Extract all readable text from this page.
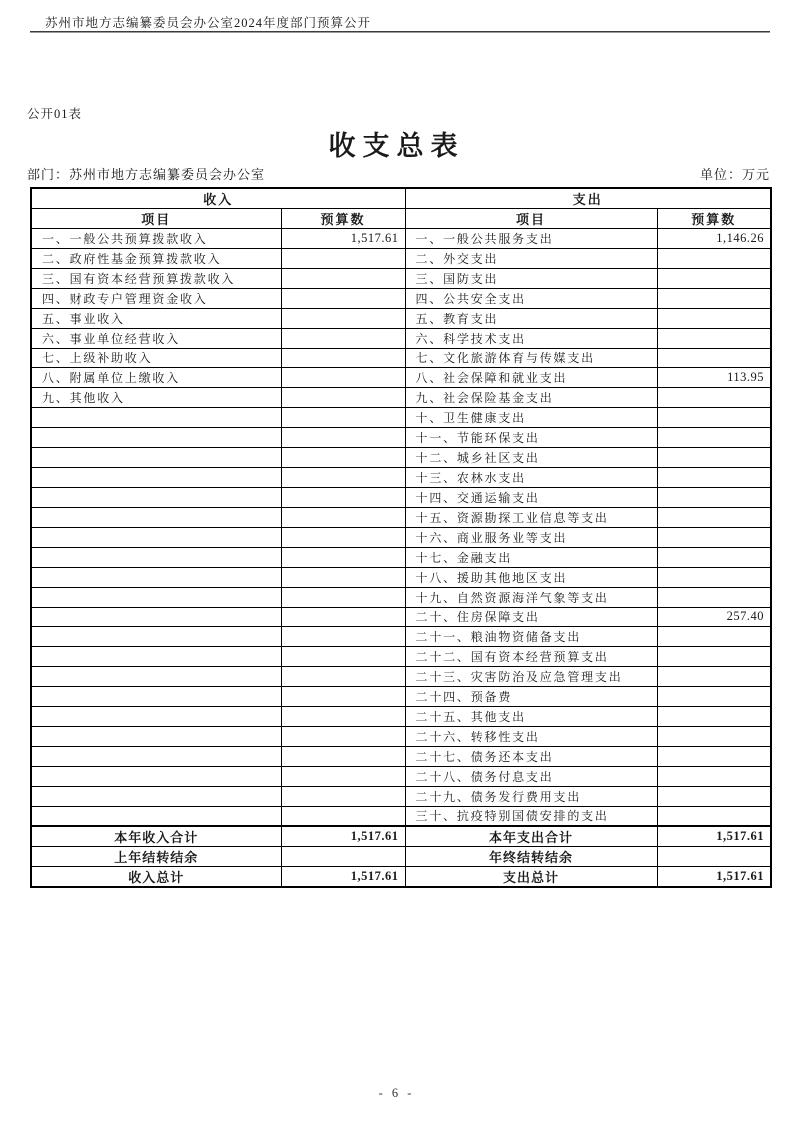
苏州市地方志编纂委员会办公室2024年度部门预算公开
公开01表
收支总表
部门：苏州市地方志编纂委员会办公室	单位：万元
收入		支出	
项目	预算数	项目	预算数
一、一般公共预算拨款收入	1,517.61	一、一般公共服务支出	1,146.26
二、政府性基金预算拨款收入		二、外交支出	
三、国有资本经营预算拨款收入		三、国防支出	
四、财政专户管理资金收入		四、公共安全支出	
五、事业收入		五、教育支出	
六、事业单位经营收入		六、科学技术支出	
七、上级补助收入		七、文化旅游体育与传媒支出	
八、附属单位上缴收入		八、社会保障和就业支出	113.95
九、其他收入		九、社会保险基金支出	
		十、卫生健康支出	
		十一、节能环保支出	
		十二、城乡社区支出	
		十三、农林水支出	
		十四、交通运输支出	
		十五、资源勘探工业信息等支出	
		十六、商业服务业等支出	
		十七、金融支出	
		十八、援助其他地区支出	
		十九、自然资源海洋气象等支出	
		二十、住房保障支出	257.40
		二十一、粮油物资储备支出	
		二十二、国有资本经营预算支出	
		二十三、灾害防治及应急管理支出	
		二十四、预备费	
		二十五、其他支出	
		二十六、转移性支出	
		二十七、债务还本支出	
		二十八、债务付息支出	
		二十九、债务发行费用支出	
		三十、抗疫特别国债安排的支出	
本年收入合计	1,517.61	本年支出合计	1,517.61
上年结转结余		年终结转结余	
收入总计	1,517.61	支出总计	1,517.61
- 6 -
